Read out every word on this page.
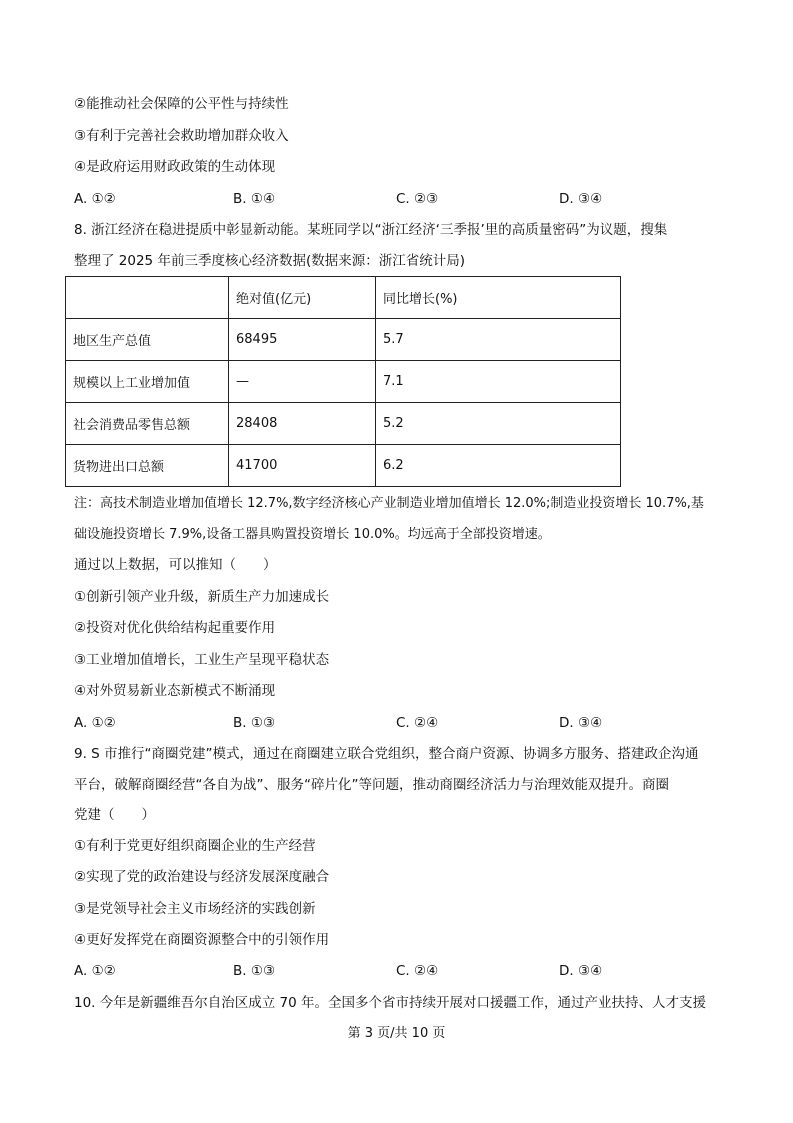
②能推动社会保障的公平性与持续性
③有利于完善社会救助增加群众收入
④是政府运用财政政策的生动体现
A. ①②	B. ①④	C. ②③	D. ③④
8. 浙江经济在稳进提质中彰显新动能。某班同学以“浙江经济‘三季报’里的高质量密码”为议题，搜集
整理了 2025 年前三季度核心经济数据(数据来源：浙江省统计局)
	绝对值(亿元)	同比增长(%)
地区生产总值	68495	5.7
规模以上工业增加值	—	7.1
社会消费品零售总额	28408	5.2
货物进出口总额	41700	6.2
注：高技术制造业增加值增长 12.7%,数字经济核心产业制造业增加值增长 12.0%;制造业投资增长 10.7%,基
础设施投资增长 7.9%,设备工器具购置投资增长 10.0%。均远高于全部投资增速。
通过以上数据，可以推知（　　）
①创新引领产业升级，新质生产力加速成长
②投资对优化供给结构起重要作用
③工业增加值增长，工业生产呈现平稳状态
④对外贸易新业态新模式不断涌现
A. ①②	B. ①③	C. ②④	D. ③④
9. S 市推行“商圈党建”模式，通过在商圈建立联合党组织，整合商户资源、协调多方服务、搭建政企沟通
平台，破解商圈经营“各自为战”、服务“碎片化”等问题，推动商圈经济活力与治理效能双提升。商圈
党建（　　）
①有利于党更好组织商圈企业的生产经营
②实现了党的政治建设与经济发展深度融合
③是党领导社会主义市场经济的实践创新
④更好发挥党在商圈资源整合中的引领作用
A. ①②	B. ①③	C. ②④	D. ③④
10. 今年是新疆维吾尔自治区成立 70 年。全国多个省市持续开展对口援疆工作，通过产业扶持、人才支援
第 3 页/共 10 页
